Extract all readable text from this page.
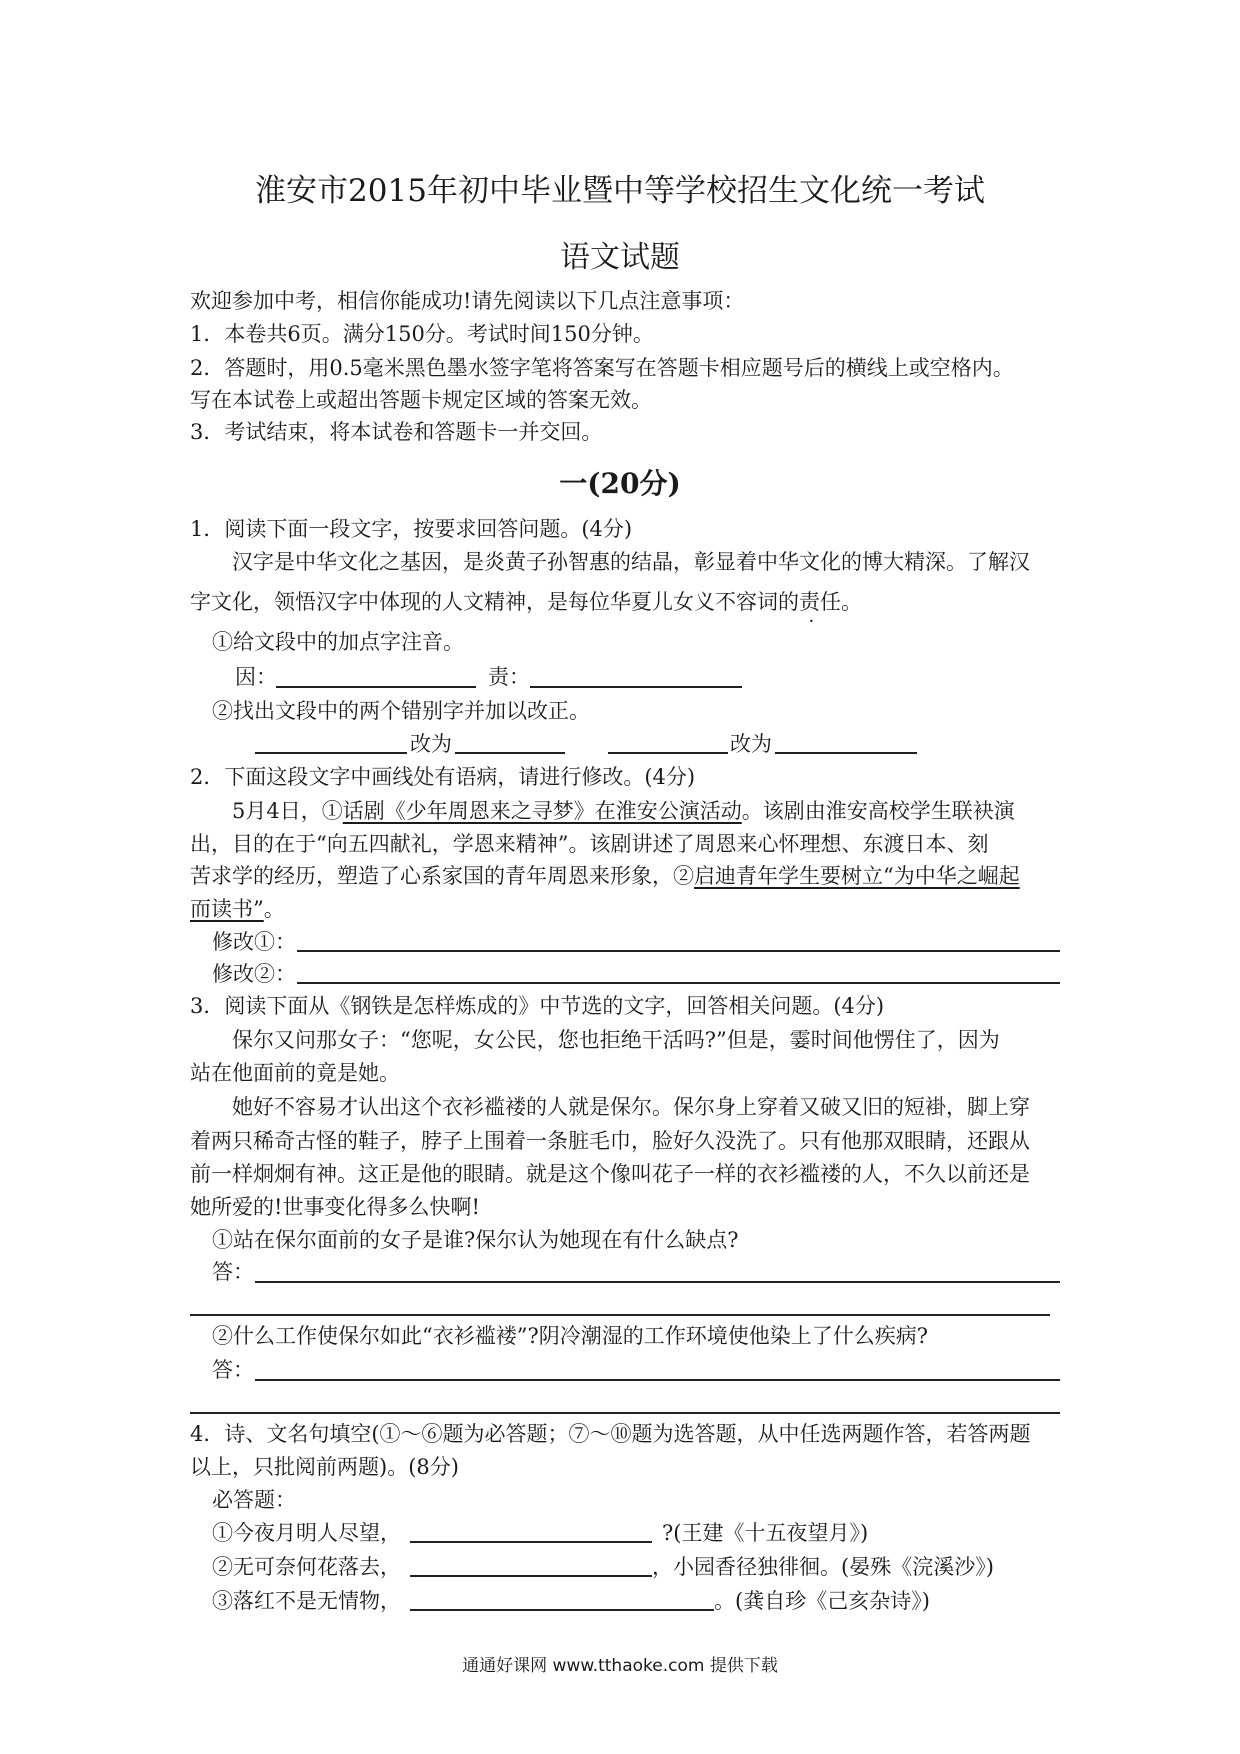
淮安市2015年初中毕业暨中等学校招生文化统一考试
语文试题
欢迎参加中考，相信你能成功!请先阅读以下几点注意事项：
1．本卷共6页。满分150分。考试时间150分钟。
2．答题时，用0.5毫米黑色墨水签字笔将答案写在答题卡相应题号后的横线上或空格内。
写在本试卷上或超出答题卡规定区域的答案无效。
3．考试结束，将本试卷和答题卡一并交回。
一(20分)
1．阅读下面一段文字，按要求回答问题。(4分)
汉字是中华文化之基因，是炎黄子孙智惠的结晶，彰显着中华文化的博大精深。了解汉
字文化，领悟汉字中体现的人文精神，是每位华夏儿女义不容词的责任。
①给文段中的加点字注音。
因：	责：
②找出文段中的两个错别字并加以改正。
改为	改为
2．下面这段文字中画线处有语病，请进行修改。(4分)
5月4日，①话剧《少年周恩来之寻梦》在淮安公演活动。该剧由淮安高校学生联袂演
出，目的在于“向五四献礼，学恩来精神”。该剧讲述了周恩来心怀理想、东渡日本、刻
苦求学的经历，塑造了心系家国的青年周恩来形象，②启迪青年学生要树立“为中华之崛起
而读书”。
修改①：
修改②：
3．阅读下面从《钢铁是怎样炼成的》中节选的文字，回答相关问题。(4分)
保尔又问那女子：“您呢，女公民，您也拒绝干活吗?”但是，霎时间他愣住了，因为
站在他面前的竟是她。
她好不容易才认出这个衣衫褴褛的人就是保尔。保尔身上穿着又破又旧的短褂，脚上穿
着两只稀奇古怪的鞋子，脖子上围着一条脏毛巾，脸好久没洗了。只有他那双眼睛，还跟从
前一样炯炯有神。这正是他的眼睛。就是这个像叫花子一样的衣衫褴褛的人，不久以前还是
她所爱的!世事变化得多么快啊!
①站在保尔面前的女子是谁?保尔认为她现在有什么缺点?
答：
②什么工作使保尔如此“衣衫褴褛”?阴冷潮湿的工作环境使他染上了什么疾病?
答：
4．诗、文名句填空(①～⑥题为必答题；⑦～⑩题为选答题，从中任选两题作答，若答两题
以上，只批阅前两题)。(8分)
必答题：
①今夜月明人尽望，	?(王建《十五夜望月》)
②无可奈何花落去，	，小园香径独徘徊。(晏殊《浣溪沙》)
③落红不是无情物，	。(龚自珍《己亥杂诗》)
通通好课网 www.tthaoke.com 提供下载
